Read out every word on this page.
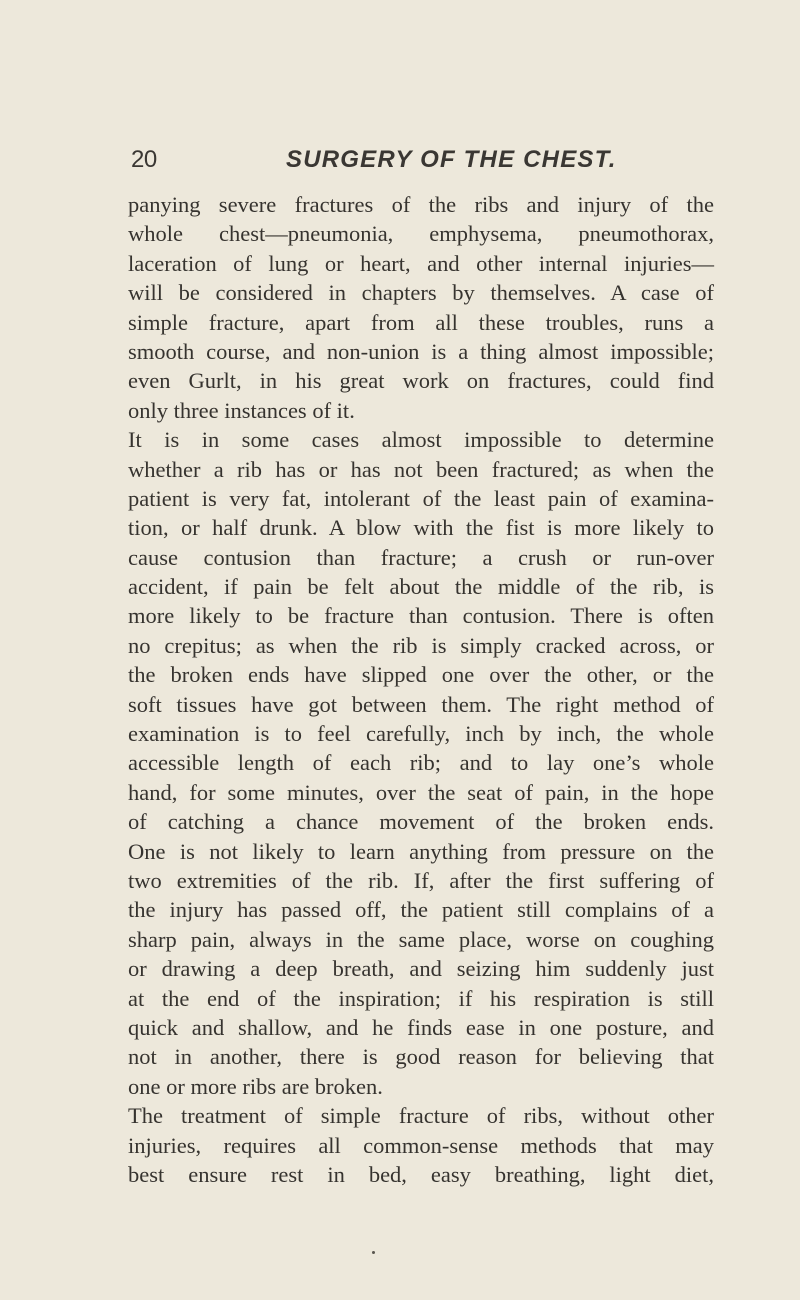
20	SURGERY OF THE CHEST.
panying severe fractures of the ribs and injury of the
whole chest—pneumonia, emphysema, pneumothorax,
laceration of lung or heart, and other internal injuries—
will be considered in chapters by themselves. A case of
simple fracture, apart from all these troubles, runs a
smooth course, and non-union is a thing almost impossible;
even Gurlt, in his great work on fractures, could find
only three instances of it.
It is in some cases almost impossible to determine
whether a rib has or has not been fractured; as when the
patient is very fat, intolerant of the least pain of examina-
tion, or half drunk. A blow with the fist is more likely to
cause contusion than fracture; a crush or run-over
accident, if pain be felt about the middle of the rib, is
more likely to be fracture than contusion. There is often
no crepitus; as when the rib is simply cracked across, or
the broken ends have slipped one over the other, or the
soft tissues have got between them. The right method of
examination is to feel carefully, inch by inch, the whole
accessible length of each rib; and to lay one’s whole
hand, for some minutes, over the seat of pain, in the hope
of catching a chance movement of the broken ends.
One is not likely to learn anything from pressure on the
two extremities of the rib. If, after the first suffering of
the injury has passed off, the patient still complains of a
sharp pain, always in the same place, worse on coughing
or drawing a deep breath, and seizing him suddenly just
at the end of the inspiration; if his respiration is still
quick and shallow, and he finds ease in one posture, and
not in another, there is good reason for believing that
one or more ribs are broken.
The treatment of simple fracture of ribs, without other
injuries, requires all common-sense methods that may
best ensure rest in bed, easy breathing, light diet,
